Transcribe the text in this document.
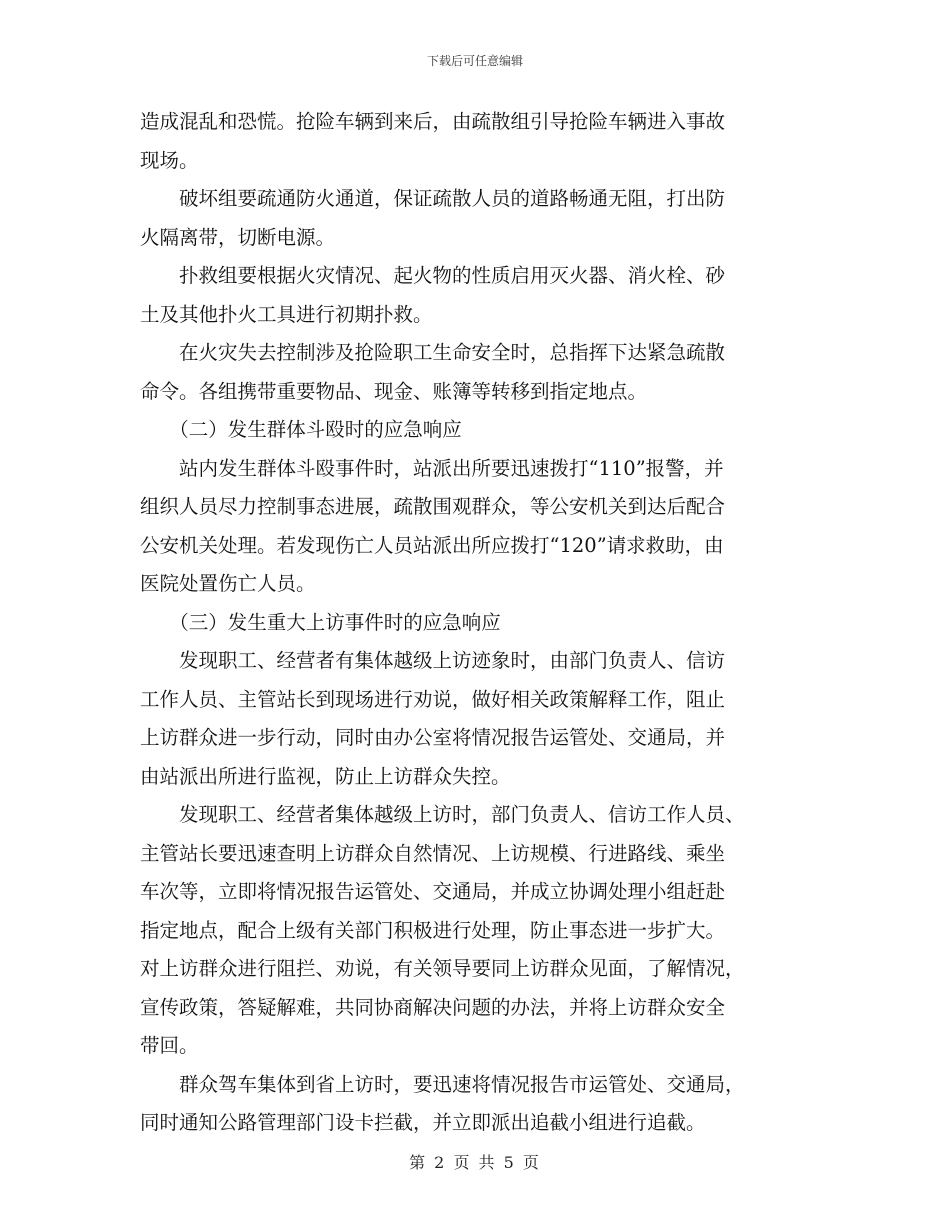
下载后可任意编辑
造成混乱和恐慌。抢险车辆到来后，由疏散组引导抢险车辆进入事故
现场。
　　破坏组要疏通防火通道，保证疏散人员的道路畅通无阻，打出防
火隔离带，切断电源。
　　扑救组要根据火灾情况、起火物的性质启用灭火器、消火栓、砂
土及其他扑火工具进行初期扑救。
　　在火灾失去控制涉及抢险职工生命安全时，总指挥下达紧急疏散
命令。各组携带重要物品、现金、账簿等转移到指定地点。
　　（二）发生群体斗殴时的应急响应
　　站内发生群体斗殴事件时，站派出所要迅速拨打“110”报警，并
组织人员尽力控制事态进展，疏散围观群众，等公安机关到达后配合
公安机关处理。若发现伤亡人员站派出所应拨打“120”请求救助，由
医院处置伤亡人员。
　　（三）发生重大上访事件时的应急响应
　　发现职工、经营者有集体越级上访迹象时，由部门负责人、信访
工作人员、主管站长到现场进行劝说，做好相关政策解释工作，阻止
上访群众进一步行动，同时由办公室将情况报告运管处、交通局，并
由站派出所进行监视，防止上访群众失控。
　　发现职工、经营者集体越级上访时，部门负责人、信访工作人员、
主管站长要迅速查明上访群众自然情况、上访规模、行进路线、乘坐
车次等，立即将情况报告运管处、交通局，并成立协调处理小组赶赴
指定地点，配合上级有关部门积极进行处理，防止事态进一步扩大。
对上访群众进行阻拦、劝说，有关领导要同上访群众见面，了解情况，
宣传政策，答疑解难，共同协商解决问题的办法，并将上访群众安全
带回。
　　群众驾车集体到省上访时，要迅速将情况报告市运管处、交通局，
同时通知公路管理部门设卡拦截，并立即派出追截小组进行追截。
第 2 页 共 5 页
